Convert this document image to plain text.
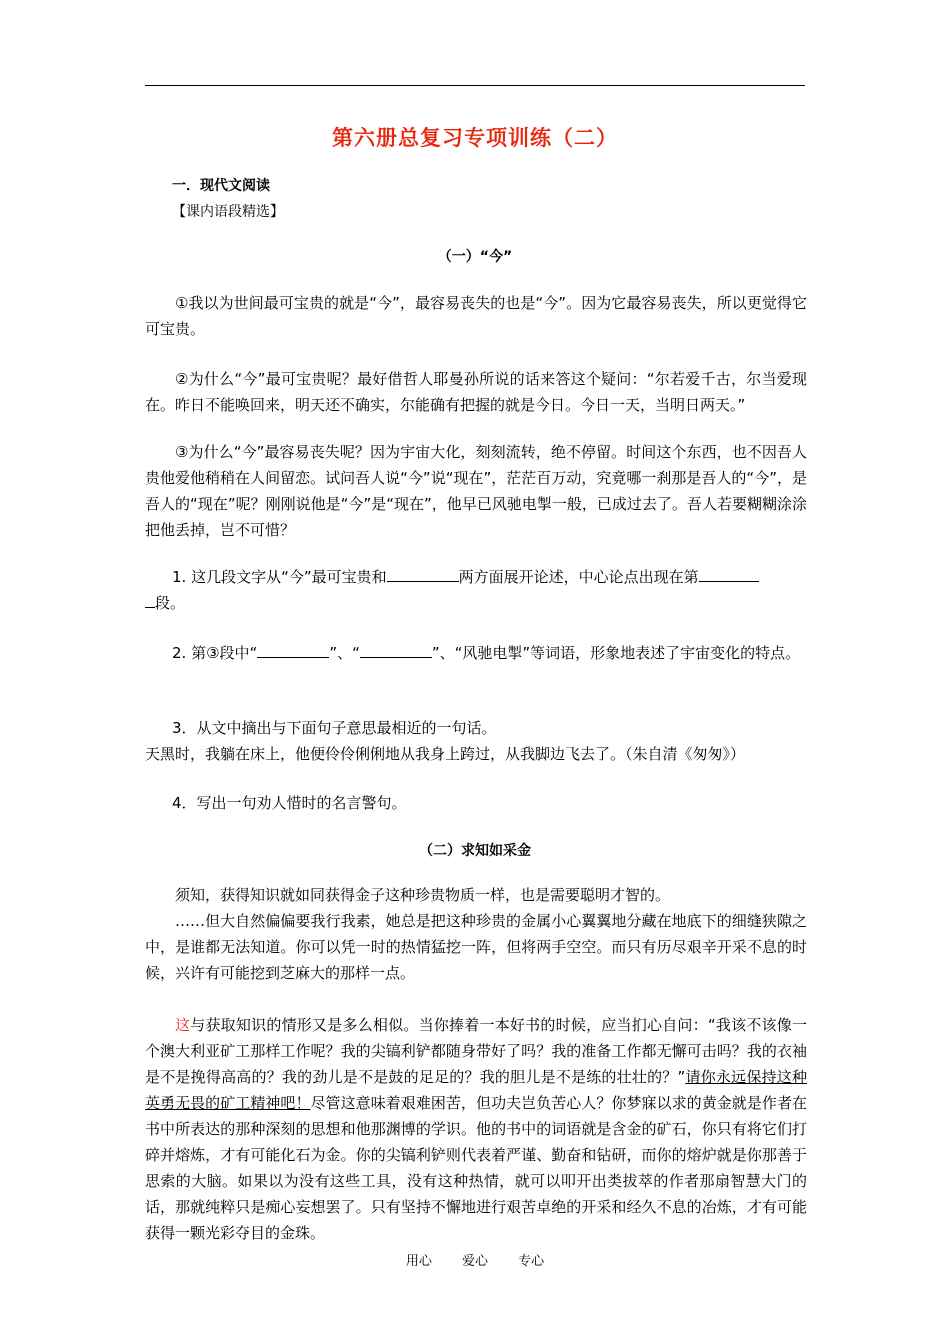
第六册总复习专项训练（二）
一．现代文阅读
【课内语段精选】
（一）“今”
①我以为世间最可宝贵的就是“今”，最容易丧失的也是“今”。因为它最容易丧失，所以更觉得它可宝贵。
②为什么“今”最可宝贵呢？最好借哲人耶曼孙所说的话来答这个疑问：“尔若爱千古，尔当爱现在。昨日不能唤回来，明天还不确实，尔能确有把握的就是今日。今日一天，当明日两天。”
③为什么“今”最容易丧失呢？因为宇宙大化，刻刻流转，绝不停留。时间这个东西，也不因吾人贵他爱他稍稍在人间留恋。试问吾人说“今”说“现在”，茫茫百万动，究竟哪一刹那是吾人的“今”，是吾人的“现在”呢？刚刚说他是“今”是“现在”，他早已风驰电掣一般，已成过去了。吾人若要糊糊涂涂把他丢掉，岂不可惜？
1. 这几段文字从“今”最可宝贵和	两方面展开论述，中心论点出现在第
段。
2. 第③段中“	”、“	”、“风驰电掣”等词语，形象地表述了宇宙变化的特点。
3．从文中摘出与下面句子意思最相近的一句话。
天黑时，我躺在床上，他便伶伶俐俐地从我身上跨过，从我脚边飞去了。（朱自清《匆匆》）
4．写出一句劝人惜时的名言警句。
（二）求知如采金
须知，获得知识就如同获得金子这种珍贵物质一样，也是需要聪明才智的。
……但大自然偏偏要我行我素，她总是把这种珍贵的金属小心翼翼地分藏在地底下的细缝狭隙之中，是谁都无法知道。你可以凭一时的热情猛挖一阵，但将两手空空。而只有历尽艰辛开采不息的时候，兴许有可能挖到芝麻大的那样一点。
这与获取知识的情形又是多么相似。当你捧着一本好书的时候，应当扪心自问：“我该不该像一个澳大利亚矿工那样工作呢？我的尖镐利铲都随身带好了吗？我的准备工作都无懈可击吗？我的衣袖是不是挽得高高的？我的劲儿是不是鼓的足足的？我的胆儿是不是练的壮壮的？”请你永远保持这种英勇无畏的矿工精神吧！尽管这意味着艰难困苦，但功夫岂负苦心人？你梦寐以求的黄金就是作者在书中所表达的那种深刻的思想和他那渊博的学识。他的书中的词语就是含金的矿石，你只有将它们打碎并熔炼，才有可能化石为金。你的尖镐利铲则代表着严谨、勤奋和钻研，而你的熔炉就是你那善于思索的大脑。如果以为没有这些工具，没有这种热情，就可以叩开出类拔萃的作者那扇智慧大门的话，那就纯粹只是痴心妄想罢了。只有坚持不懈地进行艰苦卓绝的开采和经久不息的冶炼，才有可能获得一颗光彩夺目的金珠。
用心 爱心 专心
